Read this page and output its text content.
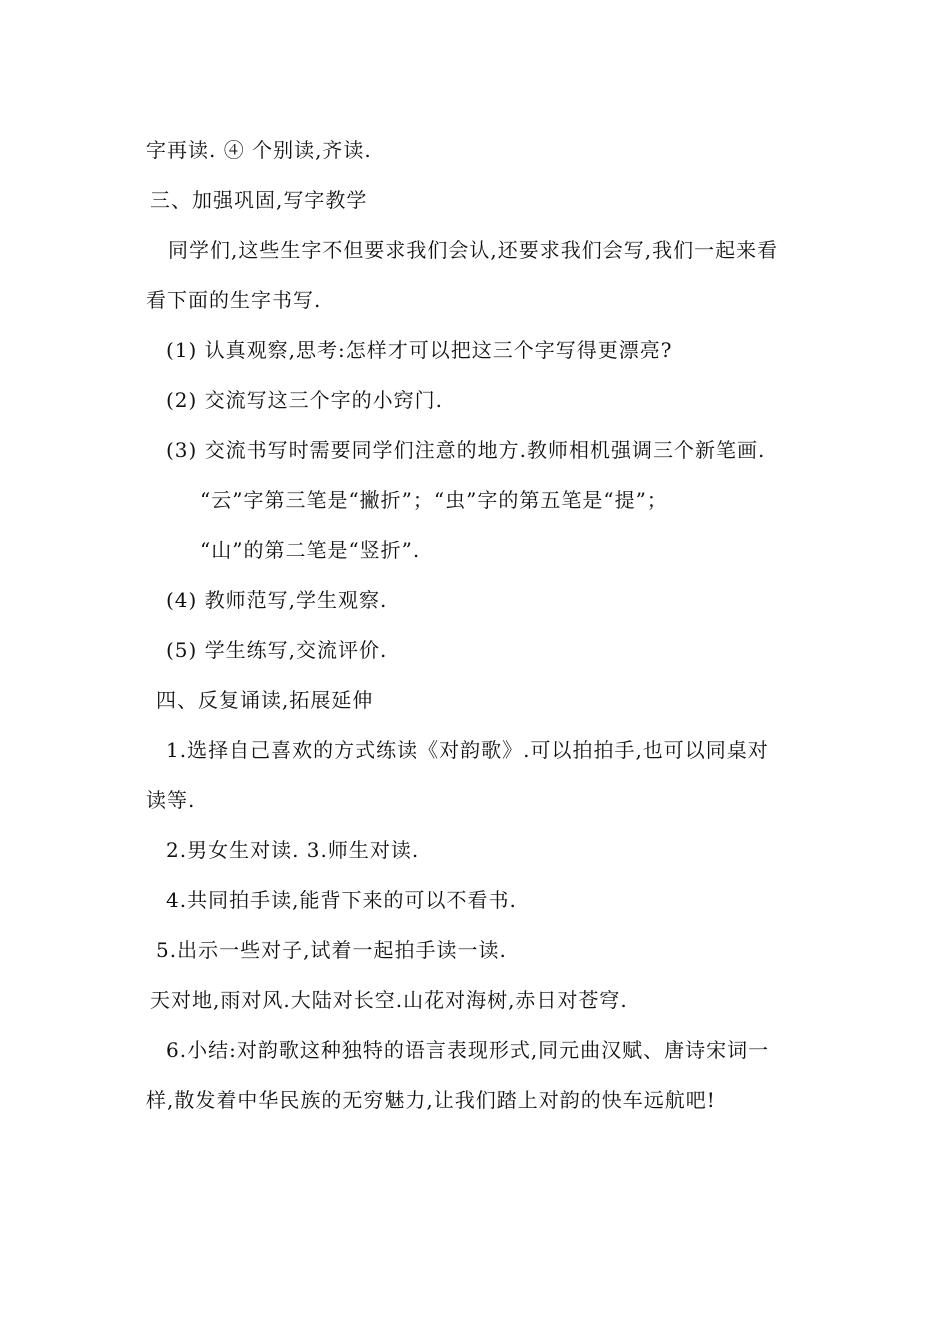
字再读. ④ 个别读,齐读.
三、加强巩固,写字教学
同学们,这些生字不但要求我们会认,还要求我们会写,我们一起来看
看下面的生字书写.
(1) 认真观察,思考:怎样才可以把这三个字写得更漂亮?
(2) 交流写这三个字的小窍门.
(3) 交流书写时需要同学们注意的地方.教师相机强调三个新笔画.
“云”字第三笔是“撇折”；“虫”字的第五笔是“提”；
“山”的第二笔是“竖折”.
(4) 教师范写,学生观察.
(5) 学生练写,交流评价.
四、反复诵读,拓展延伸
1.选择自己喜欢的方式练读《对韵歌》.可以拍拍手,也可以同桌对
读等.
2.男女生对读. 3.师生对读.
4.共同拍手读,能背下来的可以不看书.
5.出示一些对子,试着一起拍手读一读.
天对地,雨对风.大陆对长空.山花对海树,赤日对苍穹.
6.小结:对韵歌这种独特的语言表现形式,同元曲汉赋、唐诗宋词一
样,散发着中华民族的无穷魅力,让我们踏上对韵的快车远航吧!
